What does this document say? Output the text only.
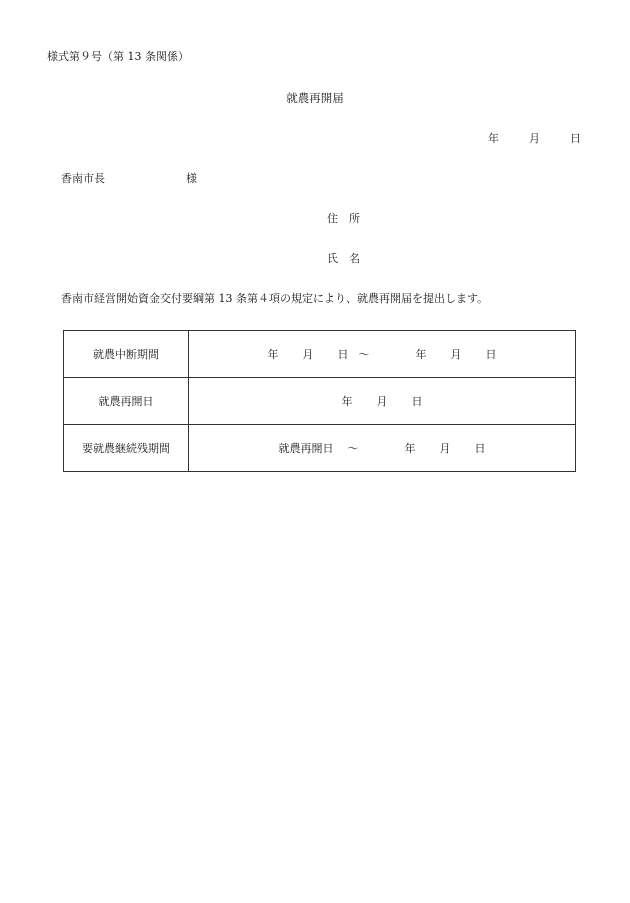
様式第９号（第 13 条関係）
就農再開届
年	月	日
香南市長	様
住　所
氏　名
香南市経営開始資金交付要綱第 13 条第４項の規定により、就農再開届を提出します。
就農中断期間	年 月 日 ～ 年 月 日
就農再開日	年 月 日
要就農継続残期間	就農再開日 ～ 年 月 日
